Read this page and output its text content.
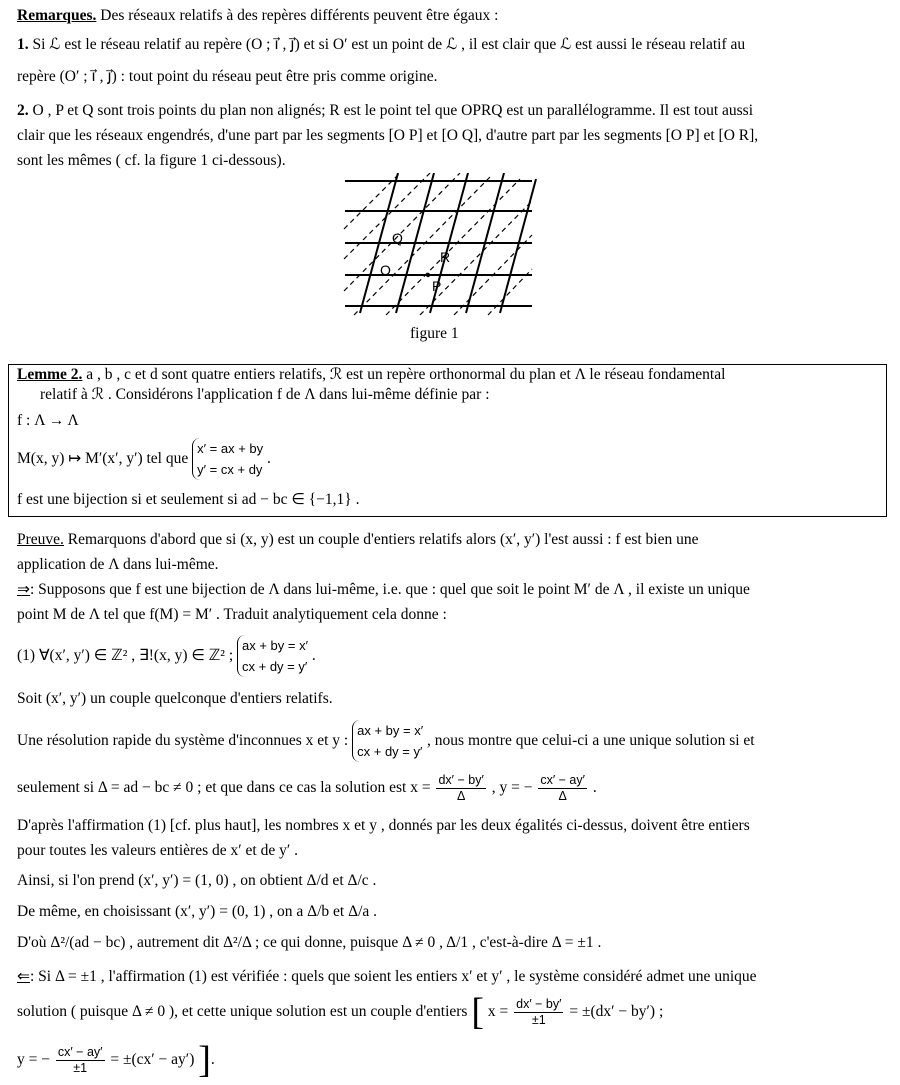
Remarques. Des réseaux relatifs à des repères différents peuvent être égaux :
1. Si ℒ est le réseau relatif au repère (O ; i⃗ , j⃗) et si O′ est un point de ℒ , il est clair que ℒ est aussi le réseau relatif au
repère (O′ ; i⃗ , j⃗) : tout point du réseau peut être pris comme origine.
2. O , P et Q sont trois points du plan non alignés; R est le point tel que OPRQ est un parallélogramme. Il est tout aussi
clair que les réseaux engendrés, d'une part par les segments [O P] et [O Q], d'autre part par les segments [O P] et [O R],
sont les mêmes ( cf. la figure 1 ci-dessous).
O
Q
R
P
figure 1
Lemme 2. a , b , c et d sont quatre entiers relatifs, ℛ est un repère orthonormal du plan et Λ le réseau fondamental
relatif à ℛ . Considérons l'application f de Λ dans lui-même définie par :
f : Λ → Λ
M(x, y) ↦ M′(x′, y′) tel que
x′ = ax + by
y′ = cx + dy
.
f est une bijection si et seulement si ad − bc ∈ {−1,1} .
Preuve. Remarquons d'abord que si (x, y) est un couple d'entiers relatifs alors (x′, y′) l'est aussi : f est bien une
application de Λ dans lui-même.
⇒: Supposons que f est une bijection de Λ dans lui-même, i.e. que : quel que soit le point M′ de Λ , il existe un unique
point M de Λ tel que f(M) = M′ . Traduit analytiquement cela donne :
(1) ∀(x′, y′) ∈ ℤ² , ∃!(x, y) ∈ ℤ² ;
ax + by = x′
cx + dy = y′
.
Soit (x′, y′) un couple quelconque d'entiers relatifs.
Une résolution rapide du système d'inconnues x et y :
ax + by = x′
cx + dy = y′
, nous montre que celui-ci a une unique solution si et
seulement si Δ = ad − bc ≠ 0 ; et que dans ce cas la solution est $x = \frac{dx' - by'}{\Delta}$ , y = − $\frac{cx' - ay'}{\Delta}$ .
D'après l'affirmation (1) [cf. plus haut], les nombres x et y , donnés par les deux égalités ci-dessus, doivent être entiers
pour toutes les valeurs entières de x′ et de y′ .
Ainsi, si l'on prend (x′, y′) = (1, 0) , on obtient Δ/d et Δ/c .
De même, en choisissant (x′, y′) = (0, 1) , on a Δ/b et Δ/a .
D'où Δ²/(ad − bc) , autrement dit Δ²/Δ ; ce qui donne, puisque Δ ≠ 0 , Δ/1 , c'est-à-dire Δ = ±1 .
⇐: Si Δ = ±1 , l'affirmation (1) est vérifiée : quels que soient les entiers x′ et y′ , le système considéré admet une unique
solution ( puisque Δ ≠ 0 ), et cette unique solution est un couple d'entiers [ $x = \frac{dx' - by'}{\pm 1} = \pm(dx' - by')$ ;
y = − $\frac{cx' - ay'}{\pm 1} = \pm(cx' - ay')$ ].
